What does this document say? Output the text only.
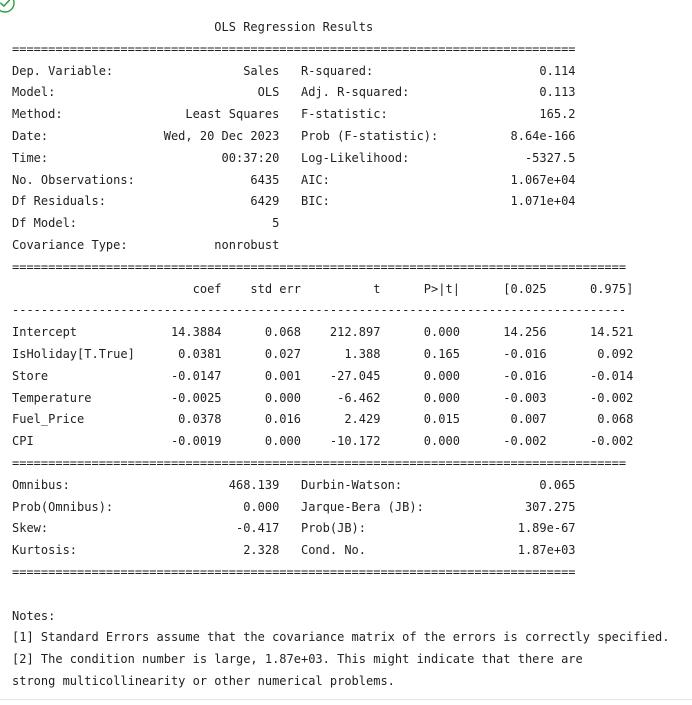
OLS Regression Results
==============================================================================
Dep. Variable:                  Sales   R-squared:                       0.114
Model:                            OLS   Adj. R-squared:                  0.113
Method:                 Least Squares   F-statistic:                     165.2
Date:                Wed, 20 Dec 2023   Prob (F-statistic):          8.64e-166
Time:                        00:37:20   Log-Likelihood:                -5327.5
No. Observations:                6435   AIC:                         1.067e+04
Df Residuals:                    6429   BIC:                         1.071e+04
Df Model:                           5
Covariance Type:            nonrobust
=====================================================================================
coef    std err          t      P>|t|      [0.025      0.975]
-------------------------------------------------------------------------------------
Intercept             14.3884      0.068    212.897      0.000      14.256      14.521
IsHoliday[T.True]      0.0381      0.027      1.388      0.165      -0.016       0.092
Store                 -0.0147      0.001    -27.045      0.000      -0.016      -0.014
Temperature           -0.0025      0.000     -6.462      0.000      -0.003      -0.002
Fuel_Price             0.0378      0.016      2.429      0.015       0.007       0.068
CPI                   -0.0019      0.000    -10.172      0.000      -0.002      -0.002
=====================================================================================
Omnibus:                      468.139   Durbin-Watson:                   0.065
Prob(Omnibus):                  0.000   Jarque-Bera (JB):              307.275
Skew:                          -0.417   Prob(JB):                     1.89e-67
Kurtosis:                       2.328   Cond. No.                     1.87e+03
==============================================================================

Notes:
[1] Standard Errors assume that the covariance matrix of the errors is correctly specified.
[2] The condition number is large, 1.87e+03. This might indicate that there are
strong multicollinearity or other numerical problems.
